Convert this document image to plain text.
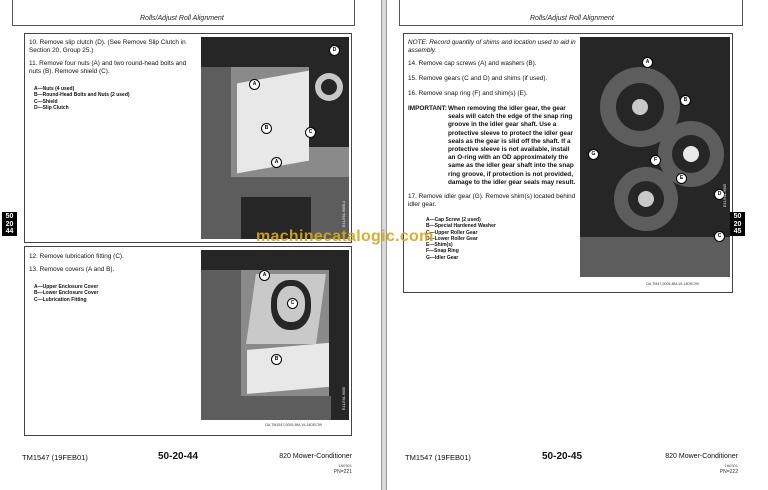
Rolls/Adjust Roll Alignment
10. Remove slip clutch (D). (See Remove Slip Clutch in Section 20, Group 25.)
11. Remove four nuts (A) and two round-head bolts and nuts (B). Remove shield (C).
A—Nuts (4 used)
B—Round-Head Bolts and Nuts (2 used)
C—Shield
D—Slip Clutch
A
B
C
D
A
E41,E61-9005-4
12. Remove lubrication fitting (C).
13. Remove covers (A and B).
A—Upper Enclosure Cover
B—Lower Enclosure Cover
C—Lubrication Fitting
A
C
B
E41,E61-9005
OA,TM1547,0005-BM-19-14DEC99
50 20 44
TM1547 (19FEB01)	50-20-44	820 Mower-Conditioner
160301
PN=221
Rolls/Adjust Roll Alignment
NOTE: Record quantity of shims and location used to aid in assembly.
14. Remove cap screws (A) and washers (B).
15. Remove gears (C and D) and shims (if used).
16. Remove snap ring (F) and shim(s) (E).
IMPORTANT: When removing the idler gear, the gear seals will catch the edge of the snap ring groove in the idler gear shaft. Use a protective sleeve to protect the idler gear seals as the gear is slid off the shaft. If a protective sleeve is not available, install an O-ring with an OD approximately the same as the idler gear shaft into the snap ring groove, if protection is not provided, damage to the idler gear seals may result.
17. Remove idler gear (G). Remove shim(s) located behind idler gear.
A—Cap Screw (2 used)
B—Special Hardened Washer
C—Upper Roller Gear
D—Lower Roller Gear
E—Shim(s)
F—Snap Ring
G—Idler Gear
A
B
G
F
E
D
C
E41,E61-9005
OA,TM47,0005-BM-19-14DEC99
50 20 45
TM1547 (19FEB01)	50-20-45	820 Mower-Conditioner
160301
PN=222
machinecatalogic.com
